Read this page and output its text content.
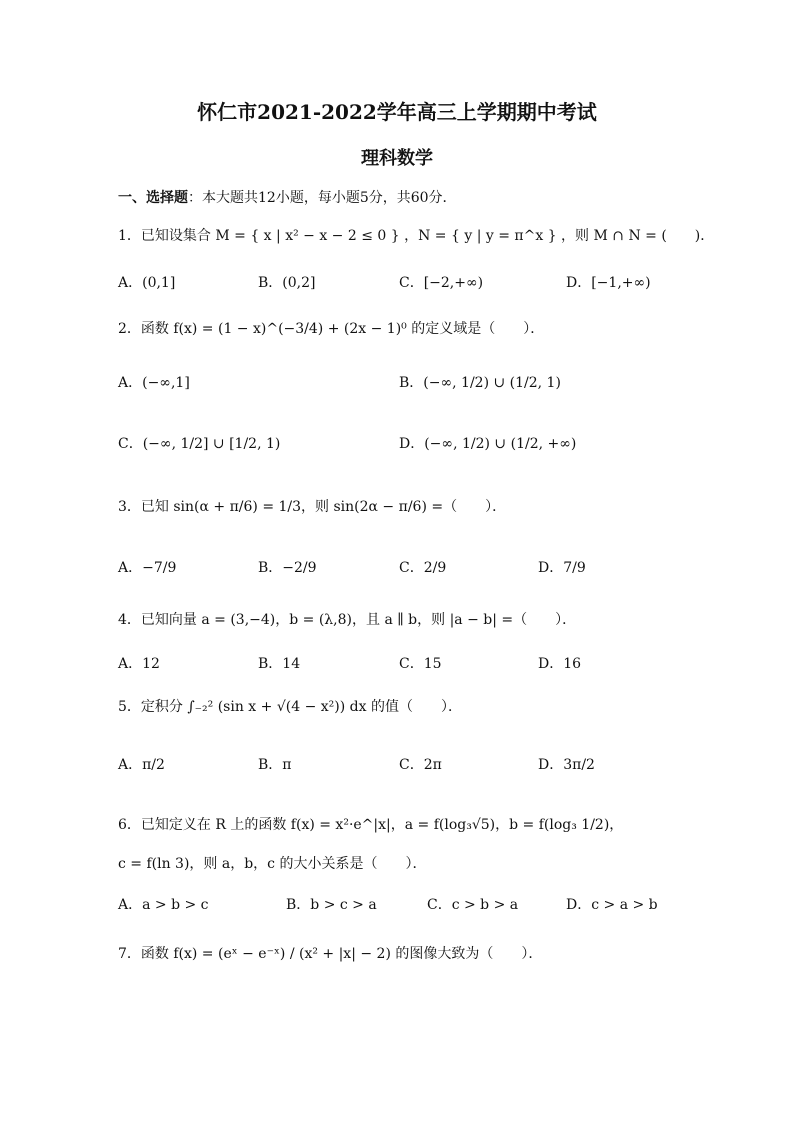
怀仁市2021-2022学年高三上学期期中考试
理科数学
一、选择题：本大题共12小题，每小题5分，共60分．
1．已知设集合 M = { x | x² − x − 2 ≤ 0 } ，N = { y | y = π^x } ，则 M ∩ N = (　　)．
A．(0,1]	B．(0,2]	C．[−2,+∞)	D．[−1,+∞)
2．函数 f(x) = (1 − x)^(−3/4) + (2x − 1)⁰ 的定义域是（　　）．
A．(−∞,1]	B．(−∞, 1/2) ∪ (1/2, 1)
C．(−∞, 1/2] ∪ [1/2, 1)	D．(−∞, 1/2) ∪ (1/2, +∞)
3．已知 sin(α + π/6) = 1/3，则 sin(2α − π/6) =（　　）．
A．−7/9	B．−2/9	C．2/9	D．7/9
4．已知向量 a = (3,−4)，b = (λ,8)，且 a ∥ b，则 |a − b| =（　　）．
A．12	B．14	C．15	D．16
5．定积分 ∫₋₂² (sin x + √(4 − x²)) dx 的值（　　）．
A．π/2	B．π	C．2π	D．3π/2
6．已知定义在 R 上的函数 f(x) = x²·e^|x|，a = f(log₃√5)，b = f(log₃ 1/2)，
c = f(ln 3)，则 a，b，c 的大小关系是（　　）．
A．a > b > c	B．b > c > a	C．c > b > a	D．c > a > b
7．函数 f(x) = (eˣ − e⁻ˣ) / (x² + |x| − 2) 的图像大致为（　　）．
